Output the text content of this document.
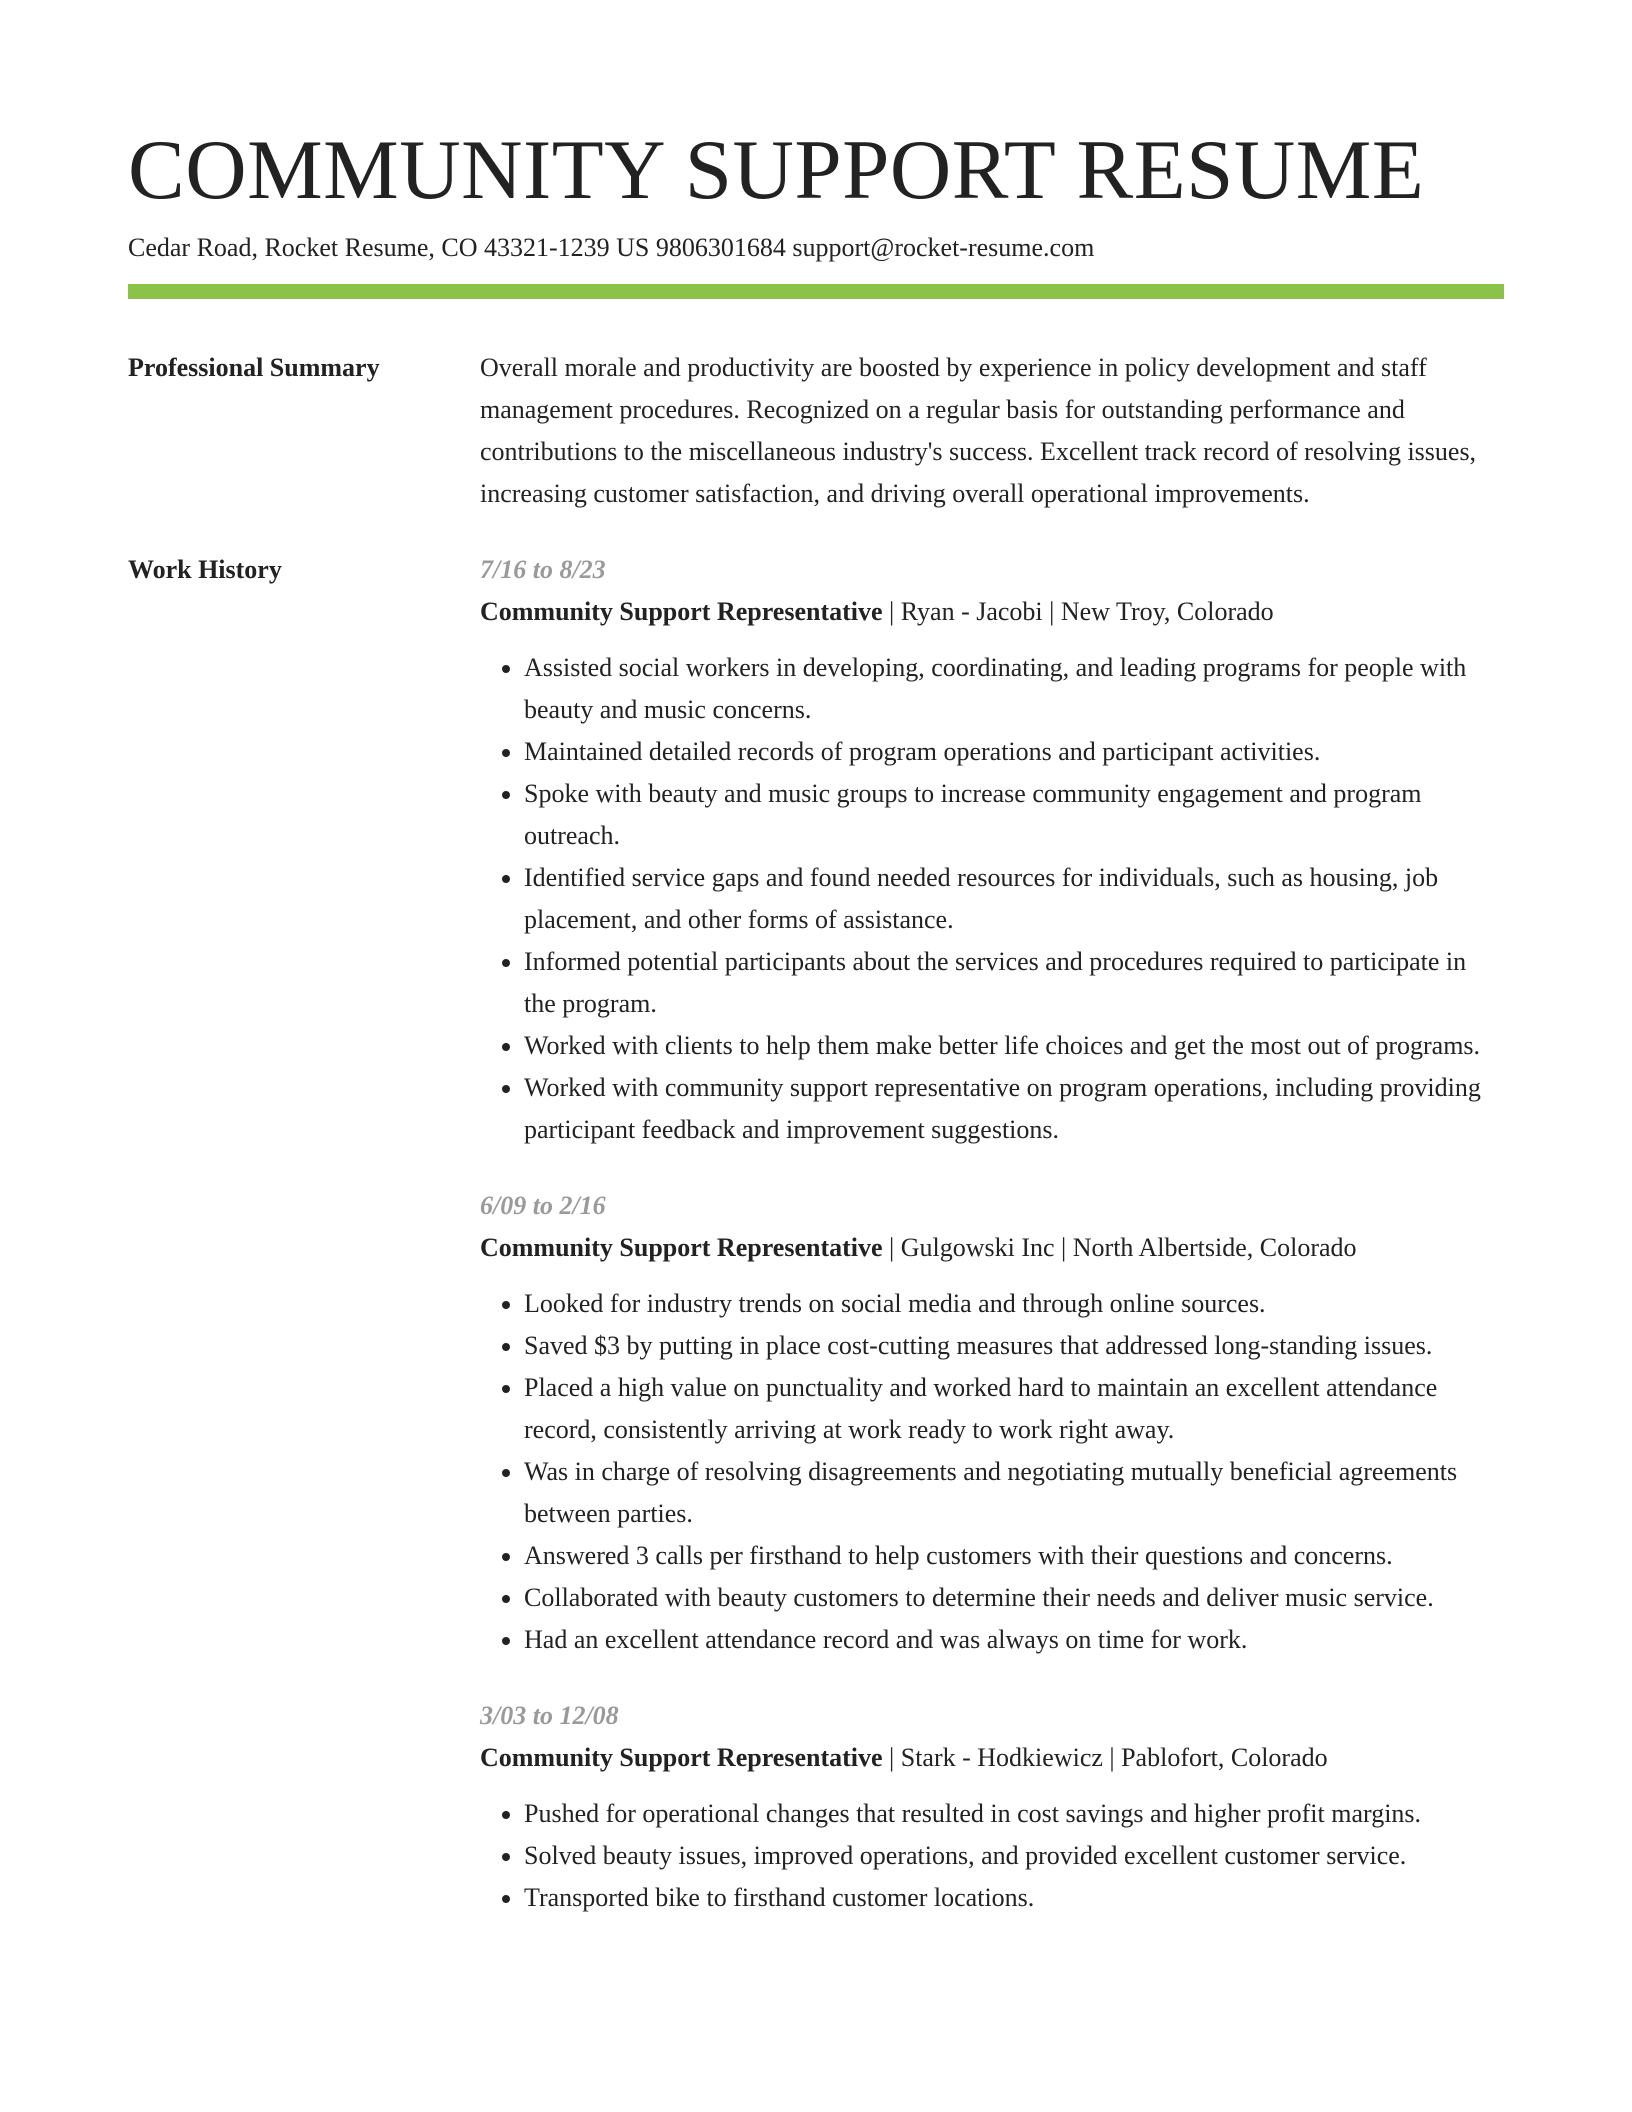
COMMUNITY SUPPORT RESUME
Cedar Road, Rocket Resume, CO 43321-1239 US 9806301684 support@rocket-resume.com
Professional Summary	Overall morale and productivity are boosted by experience in policy development and staff management procedures. Recognized on a regular basis for outstanding performance and contributions to the miscellaneous industry's success. Excellent track record of resolving issues, increasing customer satisfaction, and driving overall operational improvements.

Work History	7/16 to 8/23
Community Support Representative | Ryan - Jacobi | New Troy, Colorado
• Assisted social workers in developing, coordinating, and leading programs for people with beauty and music concerns.
• Maintained detailed records of program operations and participant activities.
• Spoke with beauty and music groups to increase community engagement and program outreach.
• Identified service gaps and found needed resources for individuals, such as housing, job placement, and other forms of assistance.
• Informed potential participants about the services and procedures required to participate in the program.
• Worked with clients to help them make better life choices and get the most out of programs.
• Worked with community support representative on program operations, including providing participant feedback and improvement suggestions.
6/09 to 2/16
Community Support Representative | Gulgowski Inc | North Albertside, Colorado
• Looked for industry trends on social media and through online sources.
• Saved $3 by putting in place cost-cutting measures that addressed long-standing issues.
• Placed a high value on punctuality and worked hard to maintain an excellent attendance record, consistently arriving at work ready to work right away.
• Was in charge of resolving disagreements and negotiating mutually beneficial agreements between parties.
• Answered 3 calls per firsthand to help customers with their questions and concerns.
• Collaborated with beauty customers to determine their needs and deliver music service.
• Had an excellent attendance record and was always on time for work.
3/03 to 12/08
Community Support Representative | Stark - Hodkiewicz | Pablofort, Colorado
• Pushed for operational changes that resulted in cost savings and higher profit margins.
• Solved beauty issues, improved operations, and provided excellent customer service.
• Transported bike to firsthand customer locations.
